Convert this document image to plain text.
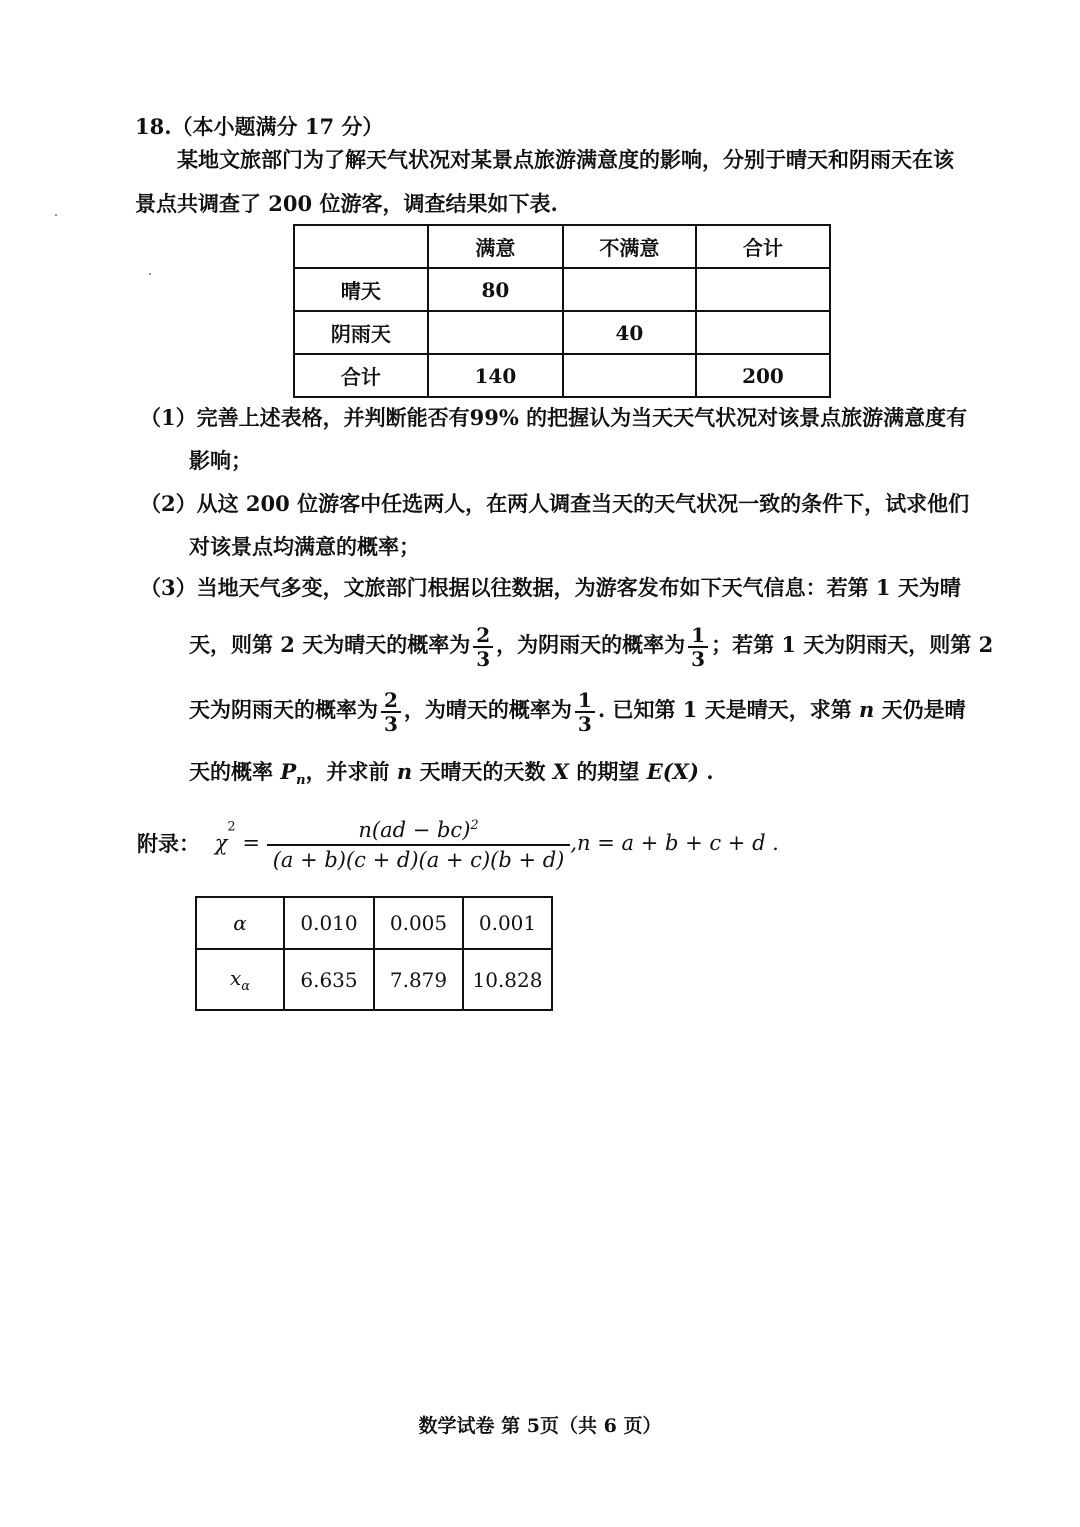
18.（本小题满分 17 分）
某地文旅部门为了解天气状况对某景点旅游满意度的影响，分别于晴天和阴雨天在该
景点共调查了 200 位游客，调查结果如下表.
	满意	不满意	合计
晴天	80		
阴雨天		40	
合计	140		200
（1）完善上述表格，并判断能否有99% 的把握认为当天天气状况对该景点旅游满意度有
影响；
（2）从这 200 位游客中任选两人，在两人调查当天的天气状况一致的条件下，试求他们
对该景点均满意的概率；
（3）当地天气多变，文旅部门根据以往数据，为游客发布如下天气信息：若第 1 天为晴
天，则第 2 天为晴天的概率为 $\frac{2}{3}$ ，为阴雨天的概率为 $\frac{1}{3}$ ；若第 1 天为阴雨天，则第 2
天为阴雨天的概率为 $\frac{2}{3}$ ，为晴天的概率为 $\frac{1}{3}$ . 已知第 1 天是晴天，求第 n 天仍是晴
天的概率 $P_n$，并求前 n 天晴天的天数 X 的期望 E(X) .
附录： $\chi^2 = \frac{n(ad - bc)^2}{(a + b)(c + d)(a + c)(b + d)} ,n = a + b + c + d$ .
α	0.010	0.005	0.001
$x_\alpha$	6.635	7.879	10.828
数学试卷 第 5页（共 6 页）
